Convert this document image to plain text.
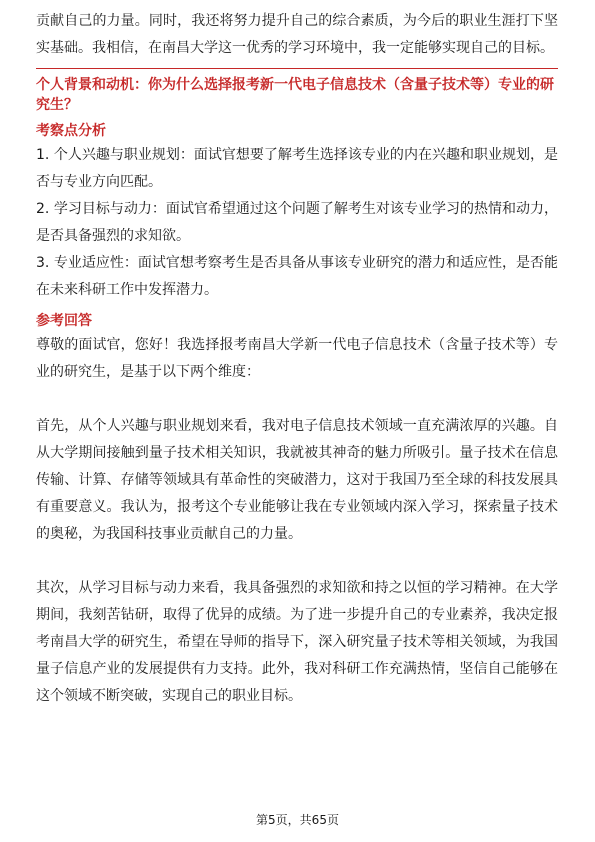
贡献自己的力量。同时，我还将努力提升自己的综合素质，为今后的职业生涯打下坚实基础。我相信，在南昌大学这一优秀的学习环境中，我一定能够实现自己的目标。

个人背景和动机：你为什么选择报考新一代电子信息技术（含量子技术等）专业的研究生？
考察点分析

1. 个人兴趣与职业规划：面试官想要了解考生选择该专业的内在兴趣和职业规划，是否与专业方向匹配。

2. 学习目标与动力：面试官希望通过这个问题了解考生对该专业学习的热情和动力，是否具备强烈的求知欲。

3. 专业适应性：面试官想考察考生是否具备从事该专业研究的潜力和适应性，是否能在未来科研工作中发挥潜力。

参考回答

尊敬的面试官，您好！我选择报考南昌大学新一代电子信息技术（含量子技术等）专业的研究生，是基于以下两个维度：

首先，从个人兴趣与职业规划来看，我对电子信息技术领域一直充满浓厚的兴趣。自从大学期间接触到量子技术相关知识，我就被其神奇的魅力所吸引。量子技术在信息传输、计算、存储等领域具有革命性的突破潜力，这对于我国乃至全球的科技发展具有重要意义。我认为，报考这个专业能够让我在专业领域内深入学习，探索量子技术的奥秘，为我国科技事业贡献自己的力量。

其次，从学习目标与动力来看，我具备强烈的求知欲和持之以恒的学习精神。在大学期间，我刻苦钻研，取得了优异的成绩。为了进一步提升自己的专业素养，我决定报考南昌大学的研究生，希望在导师的指导下，深入研究量子技术等相关领域，为我国量子信息产业的发展提供有力支持。此外，我对科研工作充满热情，坚信自己能够在这个领域不断突破，实现自己的职业目标。

第5页，共65页
